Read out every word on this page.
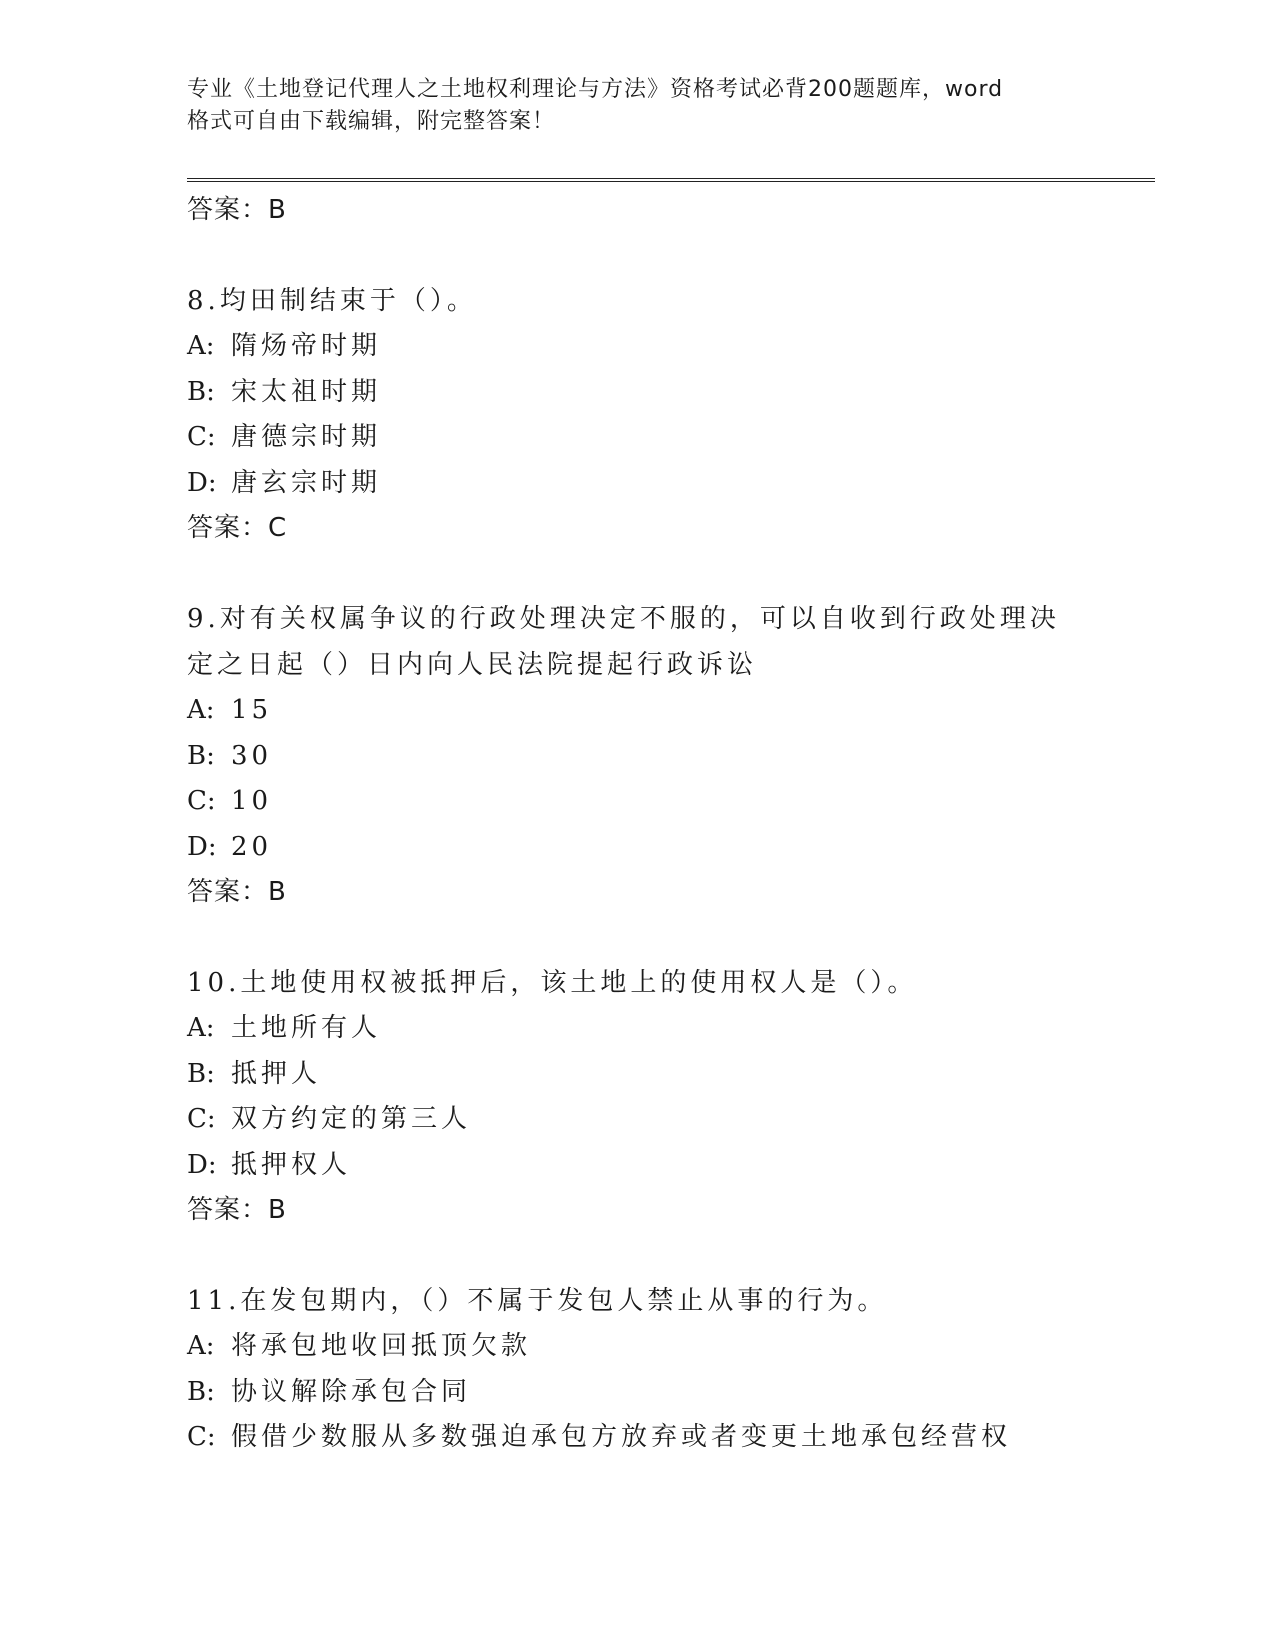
专业《土地登记代理人之土地权利理论与方法》资格考试必背200题题库，word
格式可自由下载编辑，附完整答案！
答案：B
8.均田制结束于（）。
A: 隋炀帝时期
B: 宋太祖时期
C: 唐德宗时期
D: 唐玄宗时期
答案：C
9.对有关权属争议的行政处理决定不服的，可以自收到行政处理决定之日起（）日内向人民法院提起行政诉讼
A: 15
B: 30
C: 10
D: 20
答案：B
10.土地使用权被抵押后，该土地上的使用权人是（）。
A: 土地所有人
B: 抵押人
C: 双方约定的第三人
D: 抵押权人
答案：B
11.在发包期内，（）不属于发包人禁止从事的行为。
A: 将承包地收回抵顶欠款
B: 协议解除承包合同
C: 假借少数服从多数强迫承包方放弃或者变更土地承包经营权
